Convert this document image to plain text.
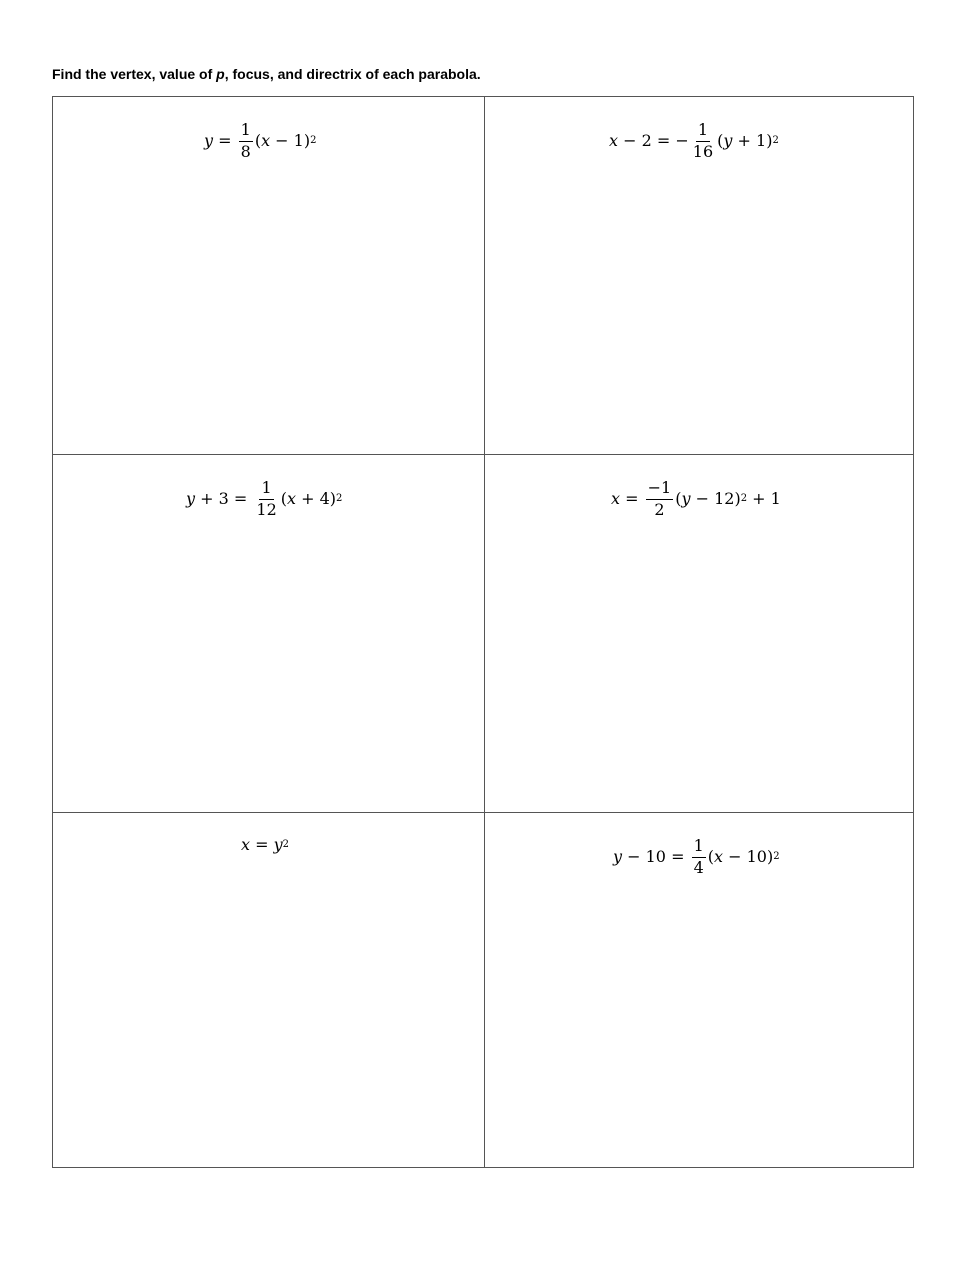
Find the vertex, value of p, focus, and directrix of each parabola.
$y = \frac{1}{8}$ ( x − 1) 2	x − 2 = − $\frac{1}{16}$ ( y + 1) 2
$y + 3 = \frac{1}{12}$ ( x + 4) 2	$x = \frac{-1}{2}$ ( y − 12) 2 + 1
x = y 2
$y - 10 = \frac{1}{4}$ ( x − 10) 2
